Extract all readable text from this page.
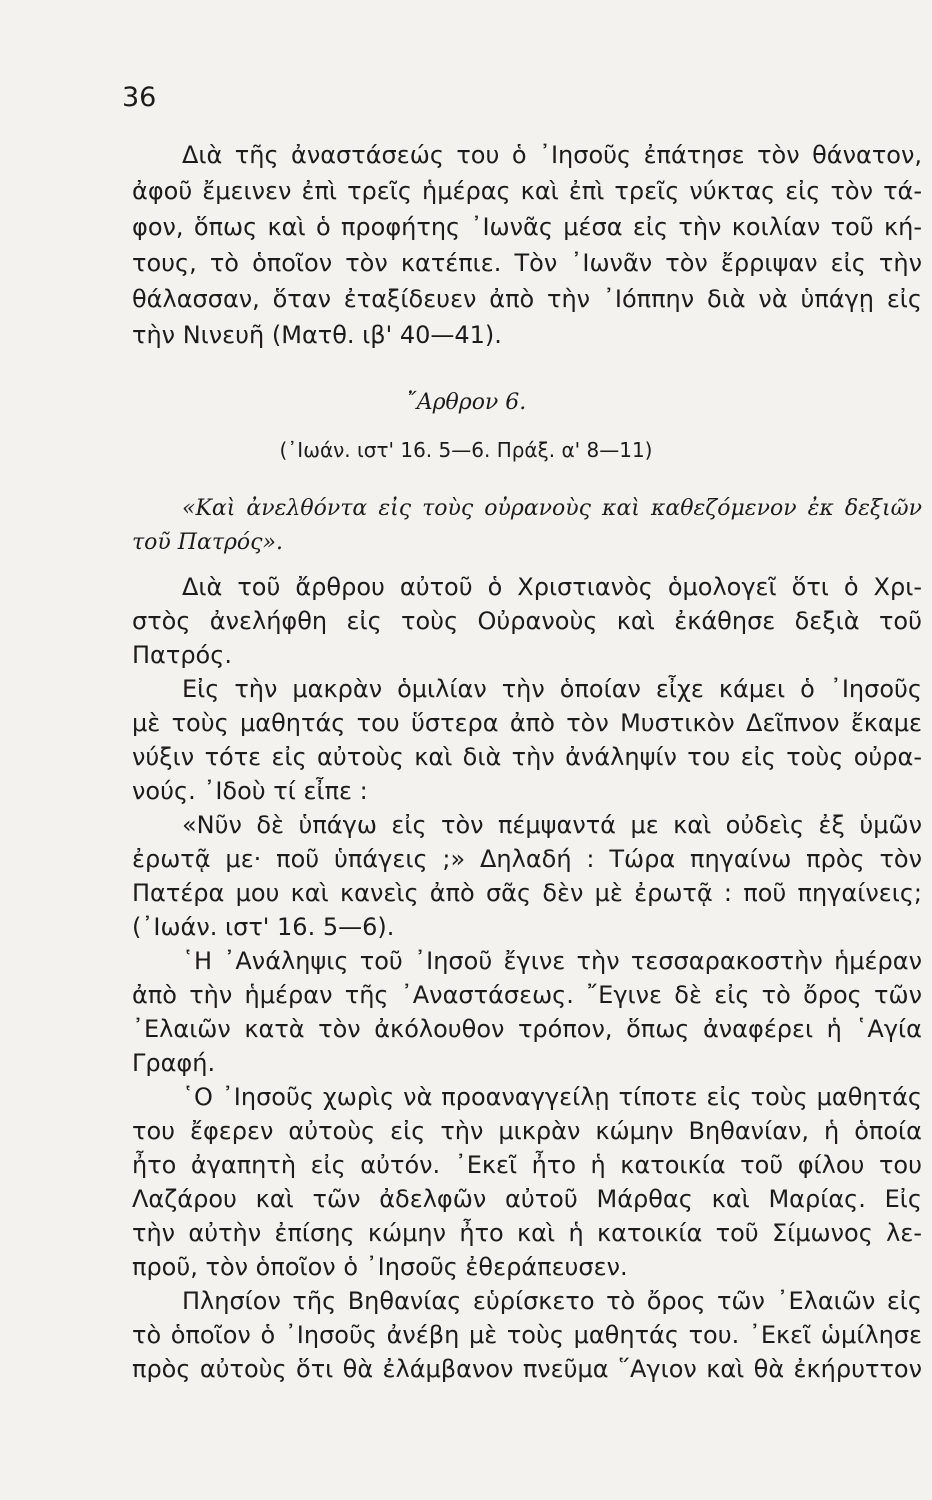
36
Διὰ τῆς ἀναστάσεώς του ὁ ᾽Ιησοῦς ἐπάτησε τὸν θάνατον,
ἀφοῦ ἔμεινεν ἐπὶ τρεῖς ἡμέρας καὶ ἐπὶ τρεῖς νύκτας εἰς τὸν τά-
φον, ὅπως καὶ ὁ προφήτης ᾽Ιωνᾶς μέσα εἰς τὴν κοιλίαν τοῦ κή-
τους, τὸ ὁποῖον τὸν κατέπιε. Τὸν ᾽Ιωνᾶν τὸν ἔρριψαν εἰς τὴν
θάλασσαν, ὅταν ἐταξίδευεν ἀπὸ τὴν ᾽Ιόππην διὰ νὰ ὑπάγῃ εἰς
τὴν Νινευῆ (Ματθ. ιβ' 40—41).
῎Αρθρον 6.
(᾽Ιωάν. ιστ' 16. 5—6. Πράξ. α' 8—11)
«Καὶ ἀνελθόντα εἰς τοὺς οὐρανοὺς καὶ καθεζόμενον ἐκ δεξιῶν
τοῦ Πατρός».
Διὰ τοῦ ἄρθρου αὐτοῦ ὁ Χριστιανὸς ὁμολογεῖ ὅτι ὁ Χρι-
στὸς ἀνελήφθη εἰς τοὺς Οὐρανοὺς καὶ ἐκάθησε δεξιὰ τοῦ
Πατρός.
Εἰς τὴν μακρὰν ὁμιλίαν τὴν ὁποίαν εἶχε κάμει ὁ ᾽Ιησοῦς
μὲ τοὺς μαθητάς του ὕστερα ἀπὸ τὸν Μυστικὸν Δεῖπνον ἔκαμε
νύξιν τότε εἰς αὐτοὺς καὶ διὰ τὴν ἀνάληψίν του εἰς τοὺς οὐρα-
νούς. ᾽Ιδοὺ τί εἶπε :
«Νῦν δὲ ὑπάγω εἰς τὸν πέμψαντά με καὶ οὐδεὶς ἐξ ὑμῶν
ἐρωτᾷ με· ποῦ ὑπάγεις ;» Δηλαδή : Τώρα πηγαίνω πρὸς τὸν
Πατέρα μου καὶ κανεὶς ἀπὸ σᾶς δὲν μὲ ἐρωτᾷ : ποῦ πηγαίνεις;
(᾽Ιωάν. ιστ' 16. 5—6).
῾Η ᾽Ανάληψις τοῦ ᾽Ιησοῦ ἔγινε τὴν τεσσαρακοστὴν ἡμέραν
ἀπὸ τὴν ἡμέραν τῆς ᾽Αναστάσεως. ῎Εγινε δὲ εἰς τὸ ὄρος τῶν
᾽Ελαιῶν κατὰ τὸν ἀκόλουθον τρόπον, ὅπως ἀναφέρει ἡ ῾Αγία
Γραφή.
῾Ο ᾽Ιησοῦς χωρὶς νὰ προαναγγείλῃ τίποτε εἰς τοὺς μαθητάς
του ἔφερεν αὐτοὺς εἰς τὴν μικρὰν κώμην Βηθανίαν, ἡ ὁποία
ἦτο ἀγαπητὴ εἰς αὐτόν. ᾽Εκεῖ ἦτο ἡ κατοικία τοῦ φίλου του
Λαζάρου καὶ τῶν ἀδελφῶν αὐτοῦ Μάρθας καὶ Μαρίας. Εἰς
τὴν αὐτὴν ἐπίσης κώμην ἦτο καὶ ἡ κατοικία τοῦ Σίμωνος λε-
προῦ, τὸν ὁποῖον ὁ ᾽Ιησοῦς ἐθεράπευσεν.
Πλησίον τῆς Βηθανίας εὑρίσκετο τὸ ὄρος τῶν ᾽Ελαιῶν εἰς
τὸ ὁποῖον ὁ ᾽Ιησοῦς ἀνέβη μὲ τοὺς μαθητάς του. ᾽Εκεῖ ὡμίλησε
πρὸς αὐτοὺς ὅτι θὰ ἐλάμβανον πνεῦμα ῞Αγιον καὶ θὰ ἐκήρυττον
